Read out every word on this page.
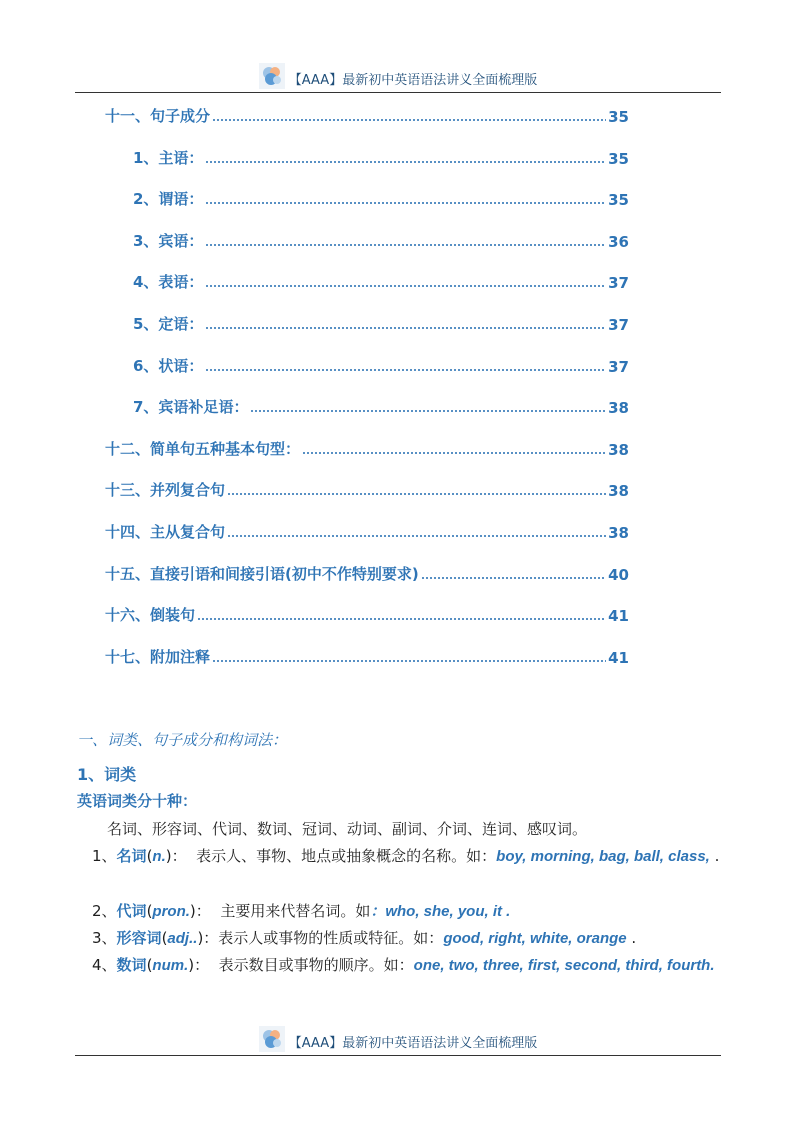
【AAA】最新初中英语语法讲义全面梳理版
十一、句子成分	35
1、主语：	35
2、谓语：	35
3、宾语：	36
4、表语：	37
5、定语：	37
6、状语：	37
7、宾语补足语：	38
十二、简单句五种基本句型：	38
十三、并列复合句	38
十四、主从复合句	38
十五、直接引语和间接引语(初中不作特别要求)	40
十六、倒装句	41
十七、附加注释	41
一、词类、句子成分和构词法：
1、词类
英语词类分十种：
名词、形容词、代词、数词、冠词、动词、副词、介词、连词、感叹词。
1、名词(n.)：  表示人、事物、地点或抽象概念的名称。如：boy, morning, bag, ball, class, .
2、代词(pron.)：  主要用来代替名词。如：who, she, you, it .
3、形容词(adj..)：表示人或事物的性质或特征。如：good, right, white, orange .
4、数词(num.)：  表示数目或事物的顺序。如：one, two, three, first, second, third, fourth.
【AAA】最新初中英语语法讲义全面梳理版
